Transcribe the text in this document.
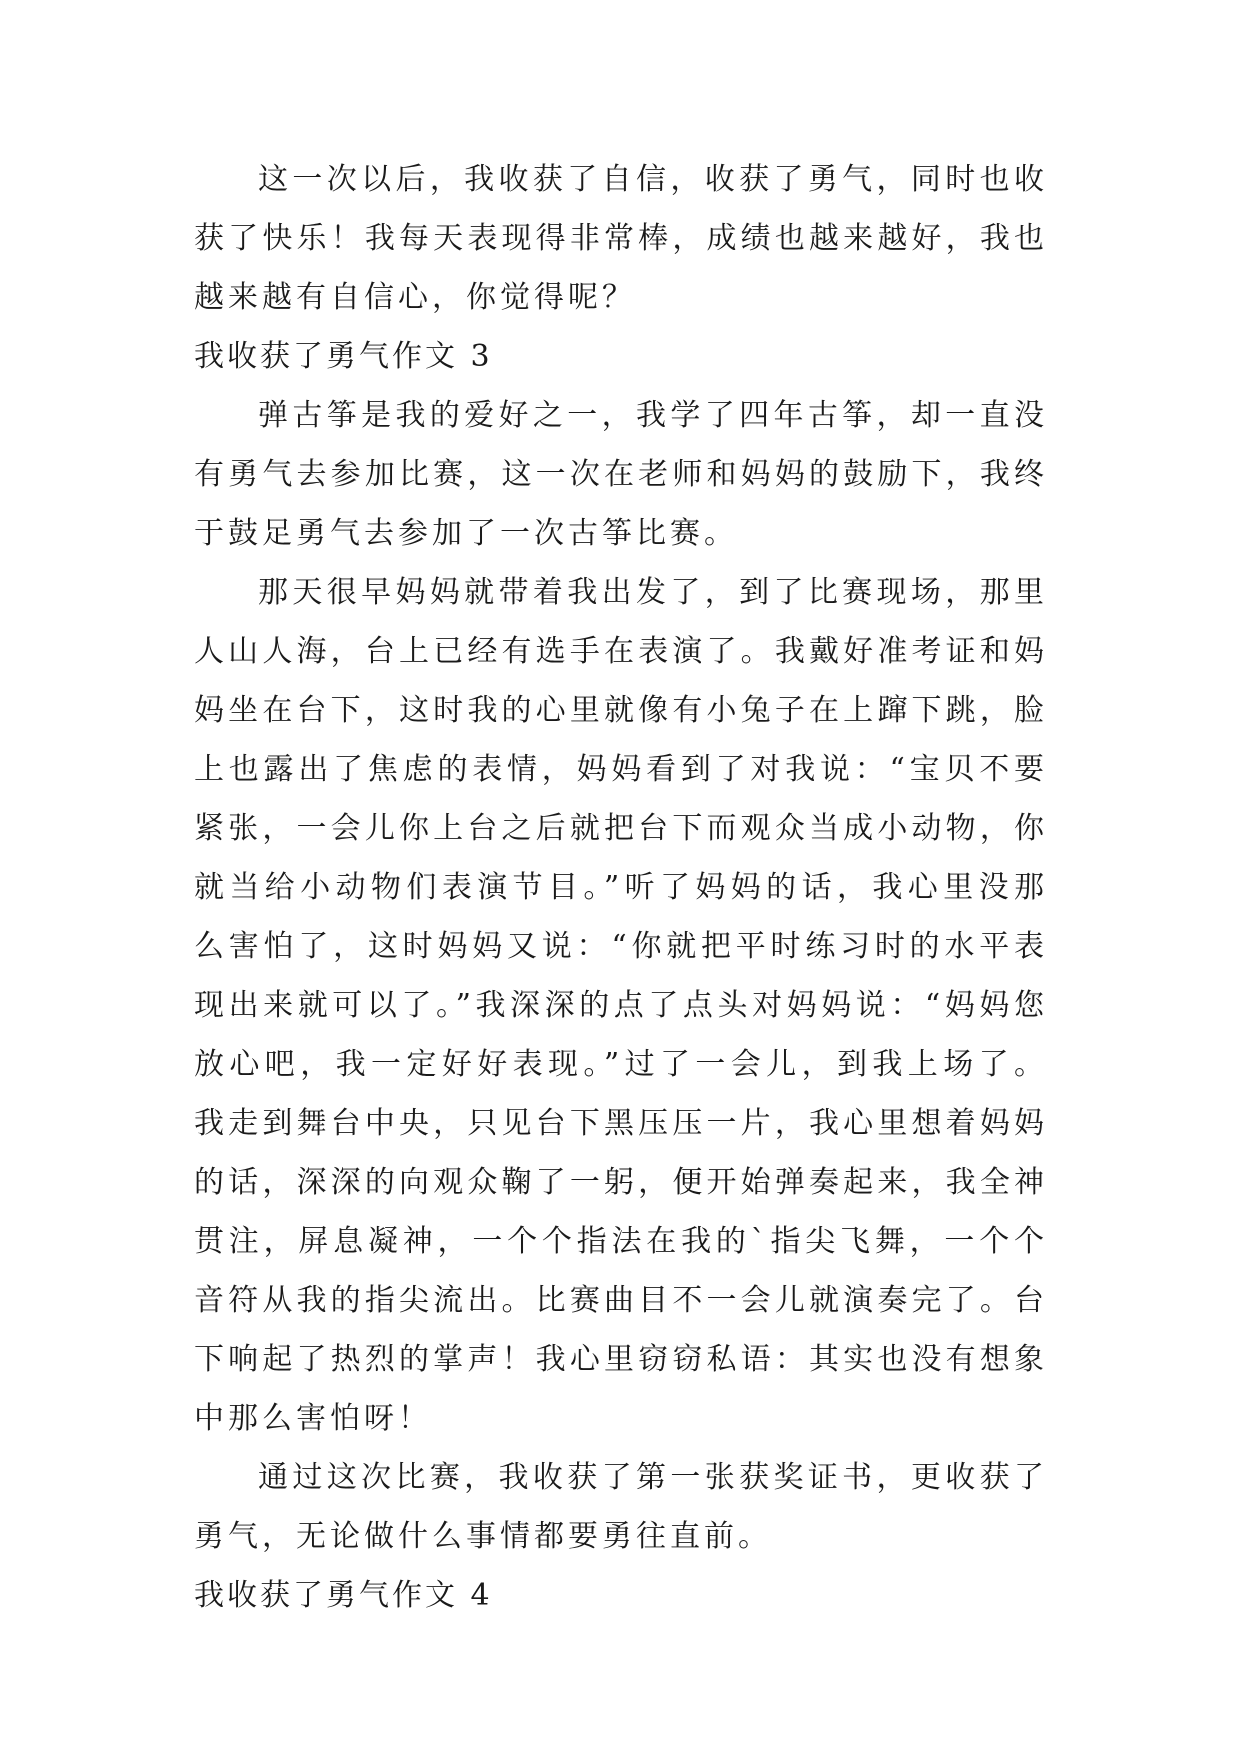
这一次以后，我收获了自信，收获了勇气，同时也收获了快乐！我每天表现得非常棒，成绩也越来越好，我也越来越有自信心，你觉得呢？

我收获了勇气作文 3

弹古筝是我的爱好之一，我学了四年古筝，却一直没有勇气去参加比赛，这一次在老师和妈妈的鼓励下，我终于鼓足勇气去参加了一次古筝比赛。

那天很早妈妈就带着我出发了，到了比赛现场，那里人山人海，台上已经有选手在表演了。我戴好准考证和妈妈坐在台下，这时我的心里就像有小兔子在上蹿下跳，脸上也露出了焦虑的表情，妈妈看到了对我说：“宝贝不要紧张，一会儿你上台之后就把台下而观众当成小动物，你就当给小动物们表演节目。”听了妈妈的话，我心里没那么害怕了，这时妈妈又说：“你就把平时练习时的水平表现出来就可以了。”我深深的点了点头对妈妈说：“妈妈您放心吧，我一定好好表现。”过了一会儿，到我上场了。我走到舞台中央，只见台下黑压压一片，我心里想着妈妈的话，深深的向观众鞠了一躬，便开始弹奏起来，我全神贯注，屏息凝神，一个个指法在我的`指尖飞舞，一个个音符从我的指尖流出。比赛曲目不一会儿就演奏完了。台下响起了热烈的掌声！我心里窃窃私语：其实也没有想象中那么害怕呀！

通过这次比赛，我收获了第一张获奖证书，更收获了勇气，无论做什么事情都要勇往直前。

我收获了勇气作文 4
